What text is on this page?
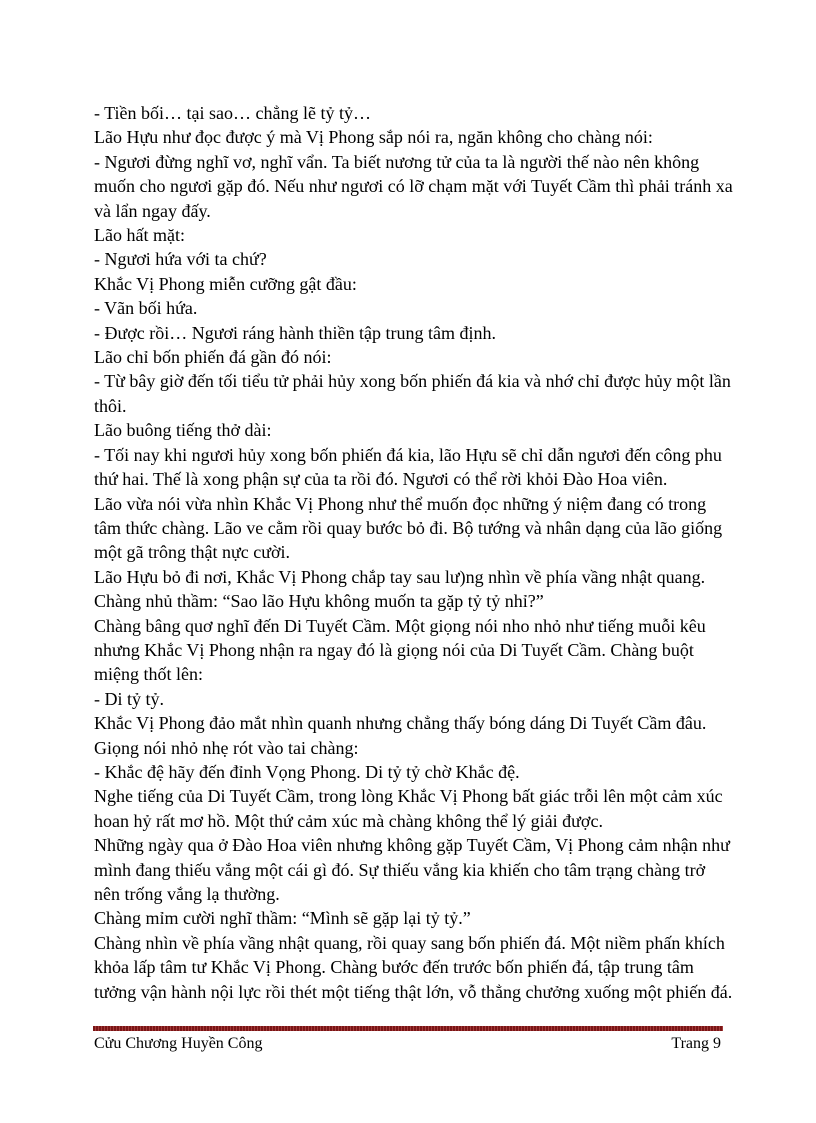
- Tiền bối… tại sao… chẳng lẽ tỷ tỷ…

Lão Hựu như đọc được ý mà Vị Phong sắp nói ra, ngăn không cho chàng nói:

- Ngươi đừng nghĩ vơ, nghĩ vẩn. Ta biết nương tử của ta là người thế nào nên không muốn cho ngươi gặp đó. Nếu như ngươi có lỡ chạm mặt với Tuyết Cầm thì phải tránh xa và lẩn ngay đấy.

Lão hất mặt:

- Ngươi hứa với ta chứ?

Khắc Vị Phong miễn cưỡng gật đầu:

- Vãn bối hứa.

- Được rồi… Ngươi ráng hành thiền tập trung tâm định.

Lão chỉ bốn phiến đá gần đó nói:

- Từ bây giờ đến tối tiểu tử phải hủy xong bốn phiến đá kia và nhớ chỉ được hủy một lần thôi.

Lão buông tiếng thở dài:

- Tối nay khi ngươi hủy xong bốn phiến đá kia, lão Hựu sẽ chỉ dẫn ngươi đến công phu thứ hai. Thế là xong phận sự của ta rồi đó. Ngươi có thể rời khỏi Đào Hoa viên.

Lão vừa nói vừa nhìn Khắc Vị Phong như thể muốn đọc những ý niệm đang có trong tâm thức chàng. Lão ve cằm rồi quay bước bỏ đi. Bộ tướng và nhân dạng của lão giống một gã trông thật nực cười.

Lão Hựu bỏ đi nơi, Khắc Vị Phong chắp tay sau lư)ng nhìn về phía vầng nhật quang. Chàng nhủ thầm: “Sao lão Hựu không muốn ta gặp tỷ tỷ nhỉ?”

Chàng bâng quơ nghĩ đến Di Tuyết Cầm. Một giọng nói nho nhỏ như tiếng muỗi kêu nhưng Khắc Vị Phong nhận ra ngay đó là giọng nói của Di Tuyết Cầm. Chàng buột miệng thốt lên:

- Di tỷ tỷ.

Khắc Vị Phong đảo mắt nhìn quanh nhưng chẳng thấy bóng dáng Di Tuyết Cầm đâu. Giọng nói nhỏ nhẹ rót vào tai chàng:

- Khắc đệ hãy đến đỉnh Vọng Phong. Di tỷ tỷ chờ Khắc đệ.

Nghe tiếng của Di Tuyết Cầm, trong lòng Khắc Vị Phong bất giác trỗi lên một cảm xúc hoan hỷ rất mơ hồ. Một thứ cảm xúc mà chàng không thể lý giải được.

Những ngày qua ở Đào Hoa viên nhưng không gặp Tuyết Cầm, Vị Phong cảm nhận như mình đang thiếu vắng một cái gì đó. Sự thiếu vắng kia khiến cho tâm trạng chàng trở nên trống vắng lạ thường.

Chàng mỉm cười nghĩ thầm: “Mình sẽ gặp lại tỷ tỷ.”

Chàng nhìn về phía vầng nhật quang, rồi quay sang bốn phiến đá. Một niềm phấn khích khỏa lấp tâm tư Khắc Vị Phong. Chàng bước đến trước bốn phiến đá, tập trung tâm tưởng vận hành nội lực rồi thét một tiếng thật lớn, vỗ thẳng chưởng xuống một phiến đá.

Cửu Chương Huyền Công	Trang 9
